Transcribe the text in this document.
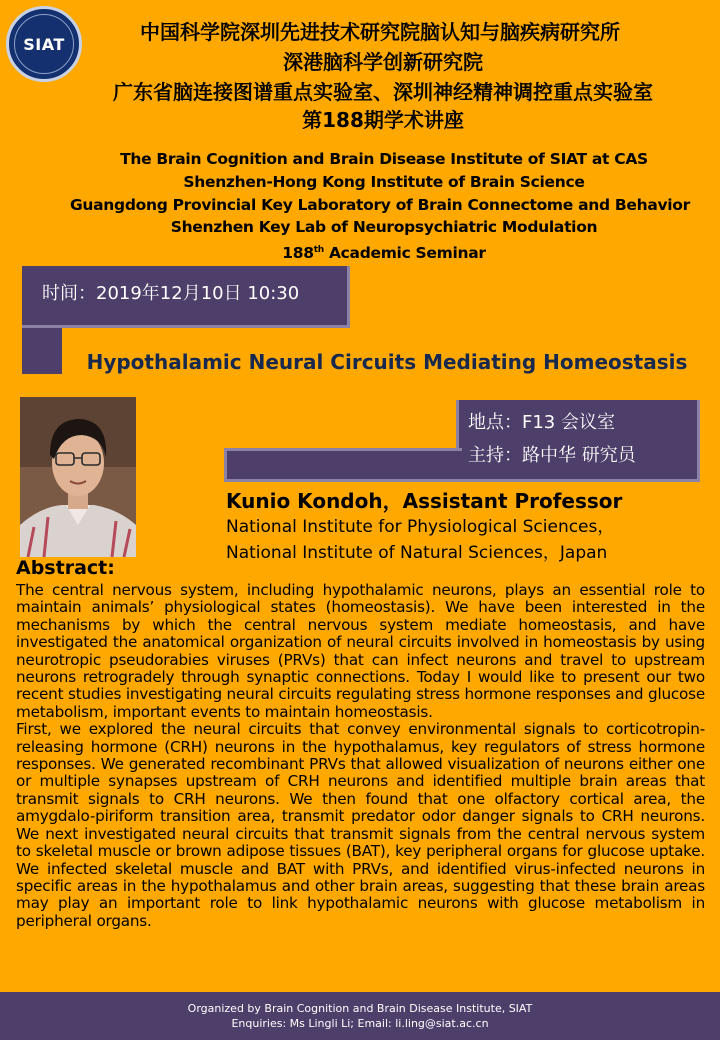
SIAT	中国科学院深圳先进技术研究院脑认知与脑疾病研究所
深港脑科学创新研究院
广东省脑连接图谱重点实验室、深圳神经精神调控重点实验室
第188期学术讲座
The Brain Cognition and Brain Disease Institute of SIAT at CAS
Shenzhen-Hong Kong Institute of Brain Science
Guangdong Provincial Key Laboratory of Brain Connectome and Behavior
Shenzhen Key Lab of Neuropsychiatric Modulation
188th Academic Seminar
时间：2019年12月10日 10:30
Hypothalamic Neural Circuits Mediating Homeostasis
地点：F13 会议室
主持：路中华 研究员
Kunio Kondoh，Assistant Professor
National Institute for Physiological Sciences，
National Institute of Natural Sciences，Japan
Abstract:

The central nervous system, including hypothalamic neurons, plays an essential role to maintain animals’ physiological states (homeostasis). We have been interested in the mechanisms by which the central nervous system mediate homeostasis, and have investigated the anatomical organization of neural circuits involved in homeostasis by using neurotropic pseudorabies viruses (PRVs) that can infect neurons and travel to upstream neurons retrogradely through synaptic connections. Today I would like to present our two recent studies investigating neural circuits regulating stress hormone responses and glucose metabolism, important events to maintain homeostasis.

First, we explored the neural circuits that convey environmental signals to corticotropin-releasing hormone (CRH) neurons in the hypothalamus, key regulators of stress hormone responses. We generated recombinant PRVs that allowed visualization of neurons either one or multiple synapses upstream of CRH neurons and identified multiple brain areas that transmit signals to CRH neurons. We then found that one olfactory cortical area, the amygdalo-piriform transition area, transmit predator odor danger signals to CRH neurons. We next investigated neural circuits that transmit signals from the central nervous system to skeletal muscle or brown adipose tissues (BAT), key peripheral organs for glucose uptake. We infected skeletal muscle and BAT with PRVs, and identified virus-infected neurons in specific areas in the hypothalamus and other brain areas, suggesting that these brain areas may play an important role to link hypothalamic neurons with glucose metabolism in peripheral organs.

Organized by Brain Cognition and Brain Disease Institute, SIAT
Enquiries: Ms Lingli Li; Email: li.ling@siat.ac.cn
